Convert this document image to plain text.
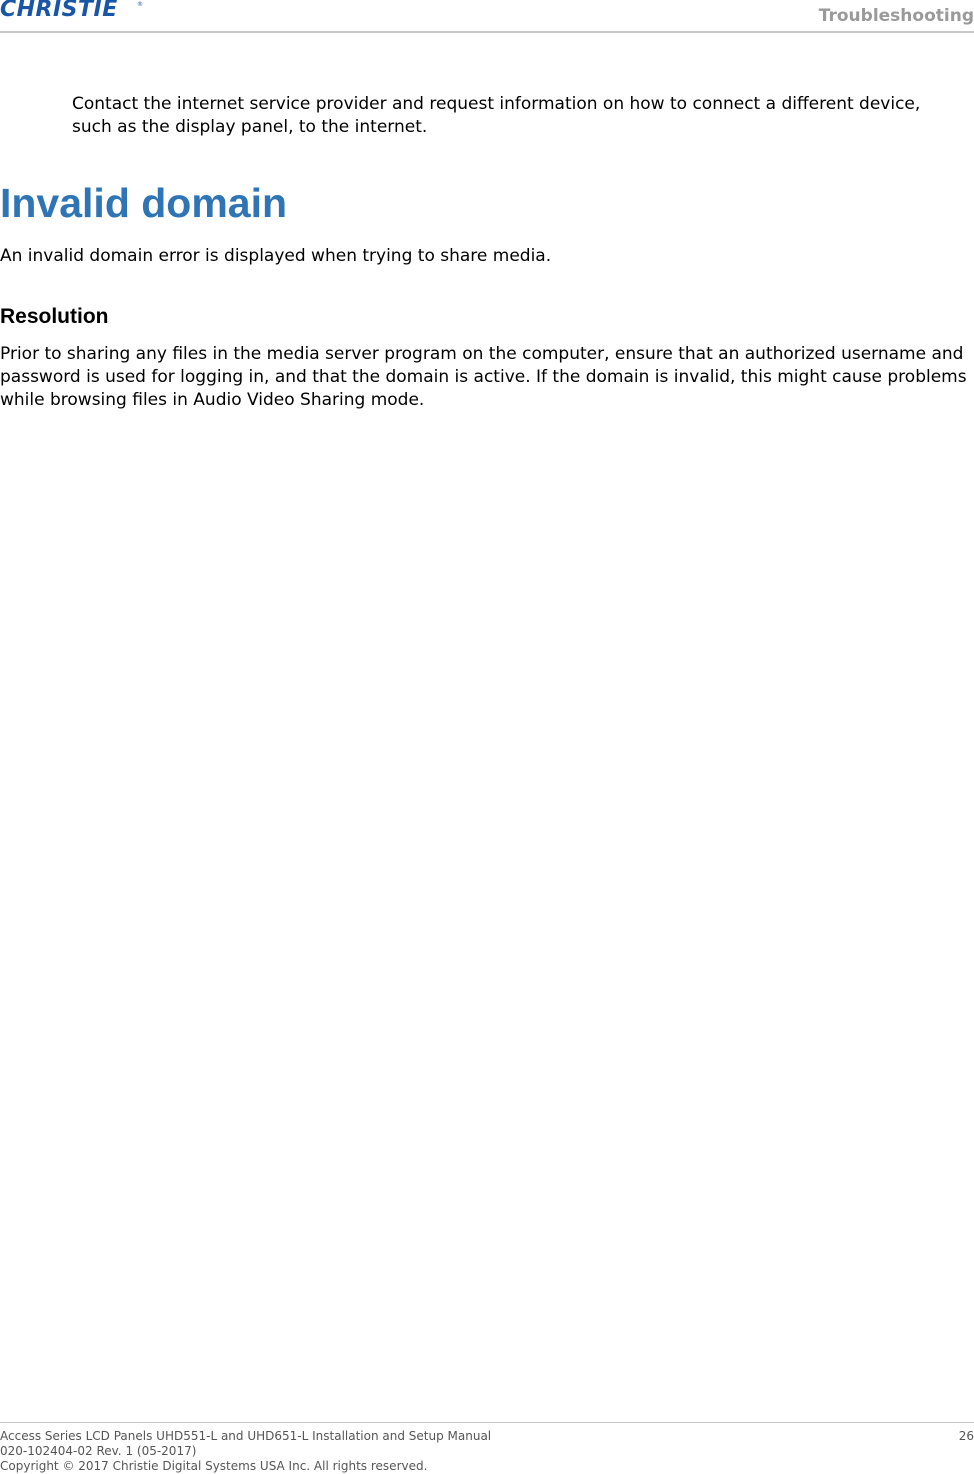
CHRISTIE	®
Troubleshooting
Contact the internet service provider and request information on how to connect a different device, such as the display panel, to the internet.
Invalid domain
An invalid domain error is displayed when trying to share media.
Resolution
Prior to sharing any files in the media server program on the computer, ensure that an authorized username and password is used for logging in, and that the domain is active. If the domain is invalid, this might cause problems while browsing files in Audio Video Sharing mode.
Access Series LCD Panels UHD551-L and UHD651-L Installation and Setup Manual
020-102404-02 Rev. 1 (05-2017)
Copyright © 2017 Christie Digital Systems USA Inc. All rights reserved.
26
